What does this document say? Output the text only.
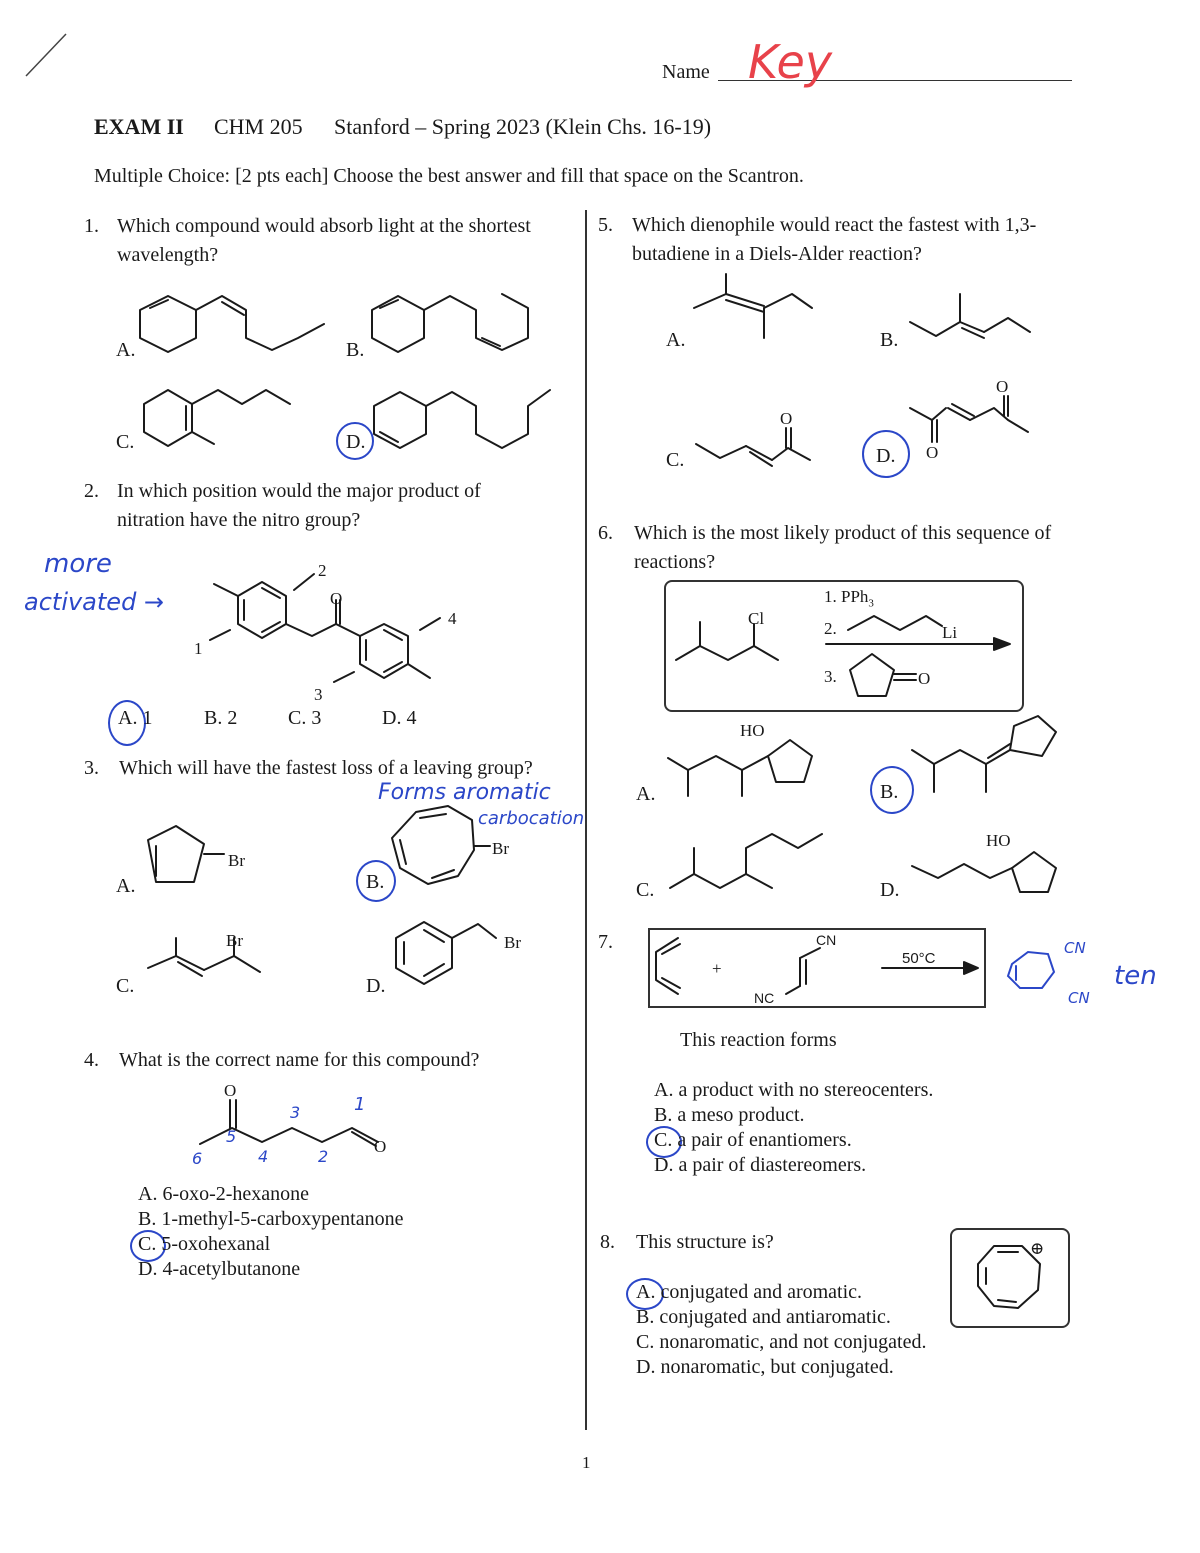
Name Key
EXAM II CHM 205 Stanford – Spring 2023 (Klein Chs. 16-19)
Multiple Choice: [2 pts each] Choose the best answer and fill that space on the Scantron.
1. Which compound would absorb light at the shortest
wavelength?
A.	B.
C.	D.
2. In which position would the major product of
nitration have the nitro group?
more
activated →	O
2
1
3
4
A. 1	B. 2	C. 3	D. 4
3. Which will have the fastest loss of a leaving group?
Forms aromatic
carbocation
A.
Br
B.
Br
C.
Br
D.
Br
4. What is the correct name for this compound?
O
O
1
2
3
4
5
6
A. 6-oxo-2-hexanone
B. 1-methyl-5-carboxypentanone
C. 5-oxohexanal
D. 4-acetylbutanone
5. Which dienophile would react the fastest with 1,3-
butadiene in a Diels-Alder reaction?
A.	B.
C.
O
D.
O
O
6. Which is the most likely product of this sequence of
reactions?
Cl
1. PPh$_3$
2.	Li
3.	O
A.
HO
B.
C.	D.
HO
7.
+
CN
NC
50°C
CN
CN
ten
This reaction forms
A. a product with no stereocenters.
B. a meso product.
C. a pair of enantiomers.
D. a pair of diastereomers.
8. This structure is?	⊕
A. conjugated and aromatic.
B. conjugated and antiaromatic.
C. nonaromatic, and not conjugated.
D. nonaromatic, but conjugated.
1
